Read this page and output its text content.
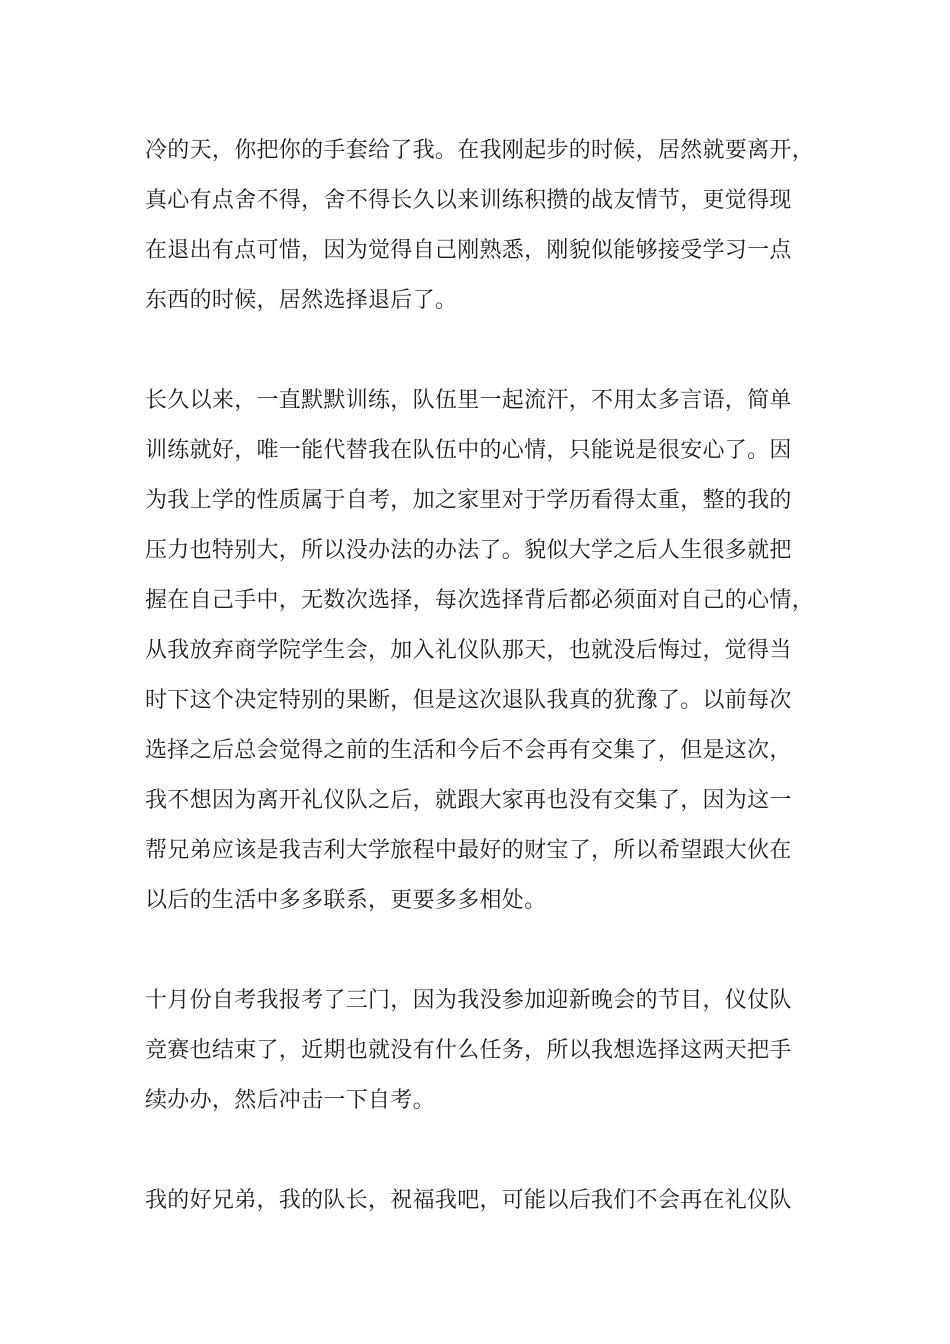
冷的天，你把你的手套给了我。在我刚起步的时候，居然就要离开，
真心有点舍不得，舍不得长久以来训练积攒的战友情节，更觉得现
在退出有点可惜，因为觉得自己刚熟悉，刚貌似能够接受学习一点
东西的时候，居然选择退后了。
长久以来，一直默默训练，队伍里一起流汗，不用太多言语，简单
训练就好，唯一能代替我在队伍中的心情，只能说是很安心了。因
为我上学的性质属于自考，加之家里对于学历看得太重，整的我的
压力也特别大，所以没办法的办法了。貌似大学之后人生很多就把
握在自己手中，无数次选择，每次选择背后都必须面对自己的心情，
从我放弃商学院学生会，加入礼仪队那天，也就没后悔过，觉得当
时下这个决定特别的果断，但是这次退队我真的犹豫了。以前每次
选择之后总会觉得之前的生活和今后不会再有交集了，但是这次，
我不想因为离开礼仪队之后，就跟大家再也没有交集了，因为这一
帮兄弟应该是我吉利大学旅程中最好的财宝了，所以希望跟大伙在
以后的生活中多多联系，更要多多相处。
十月份自考我报考了三门，因为我没参加迎新晚会的节目，仪仗队
竞赛也结束了，近期也就没有什么任务，所以我想选择这两天把手
续办办，然后冲击一下自考。
我的好兄弟，我的队长，祝福我吧，可能以后我们不会再在礼仪队
